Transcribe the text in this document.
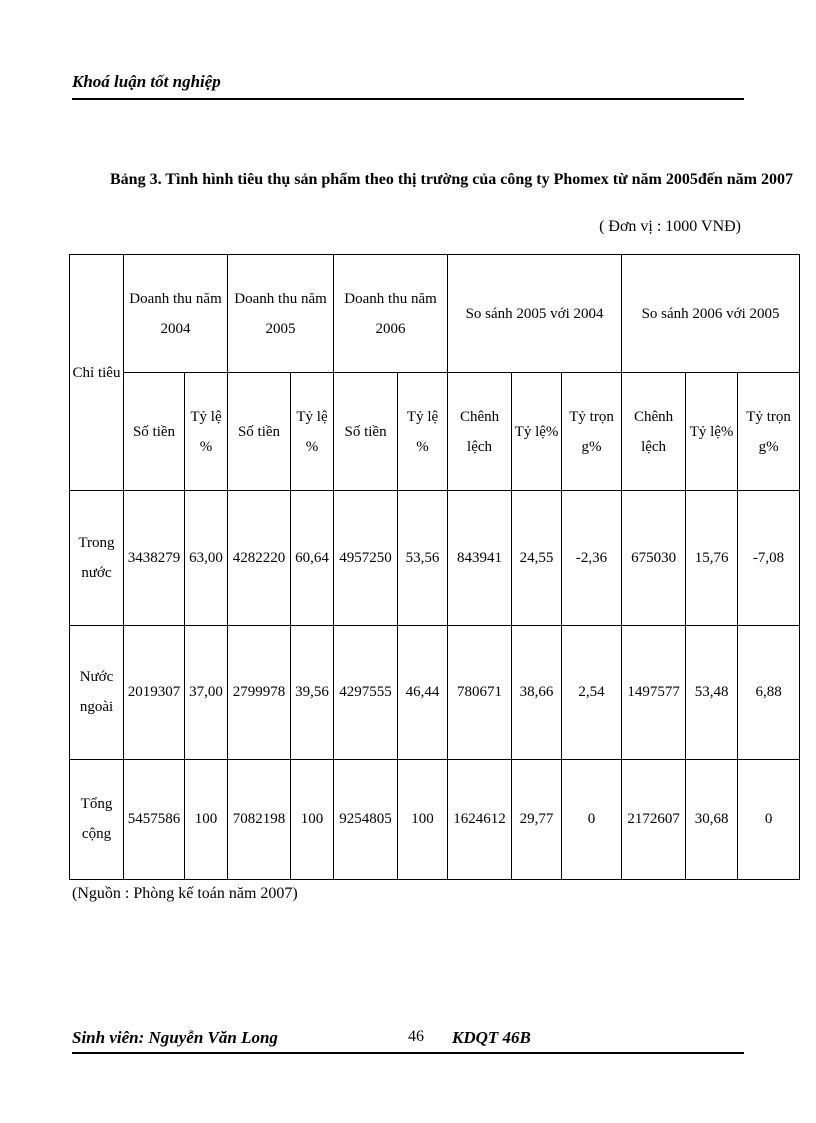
Khoá luận tốt nghiệp
Bảng 3. Tình hình tiêu thụ sản phẩm theo thị trường của công ty Phomex từ năm 2005đến năm 2007
( Đơn vị : 1000 VNĐ)
Chỉ tiêu	Doanh thu năm 2004		Doanh thu năm 2005		Doanh thu năm 2006		So sánh 2005 với 2004			So sánh 2006 với 2005		
	Số tiền	Tỷ lệ %	Số tiền	Tỷ lệ %	Số tiền	Tỷ lệ %	Chênh lệch	Tỷ lệ%	Tỷ trọng%	Chênh lệch	Tỷ lệ%	Tỷ trọng%
Trong nước	3438279	63,00	4282220	60,64	4957250	53,56	843941	24,55	-2,36	675030	15,76	-7,08
Nước ngoài	2019307	37,00	2799978	39,56	4297555	46,44	780671	38,66	2,54	1497577	53,48	6,88
Tổng cộng	5457586	100	7082198	100	9254805	100	1624612	29,77	0	2172607	30,68	0
(Nguồn : Phòng kế toán năm 2007)
Sinh viên: Nguyễn Văn Long	46 KDQT 46B
